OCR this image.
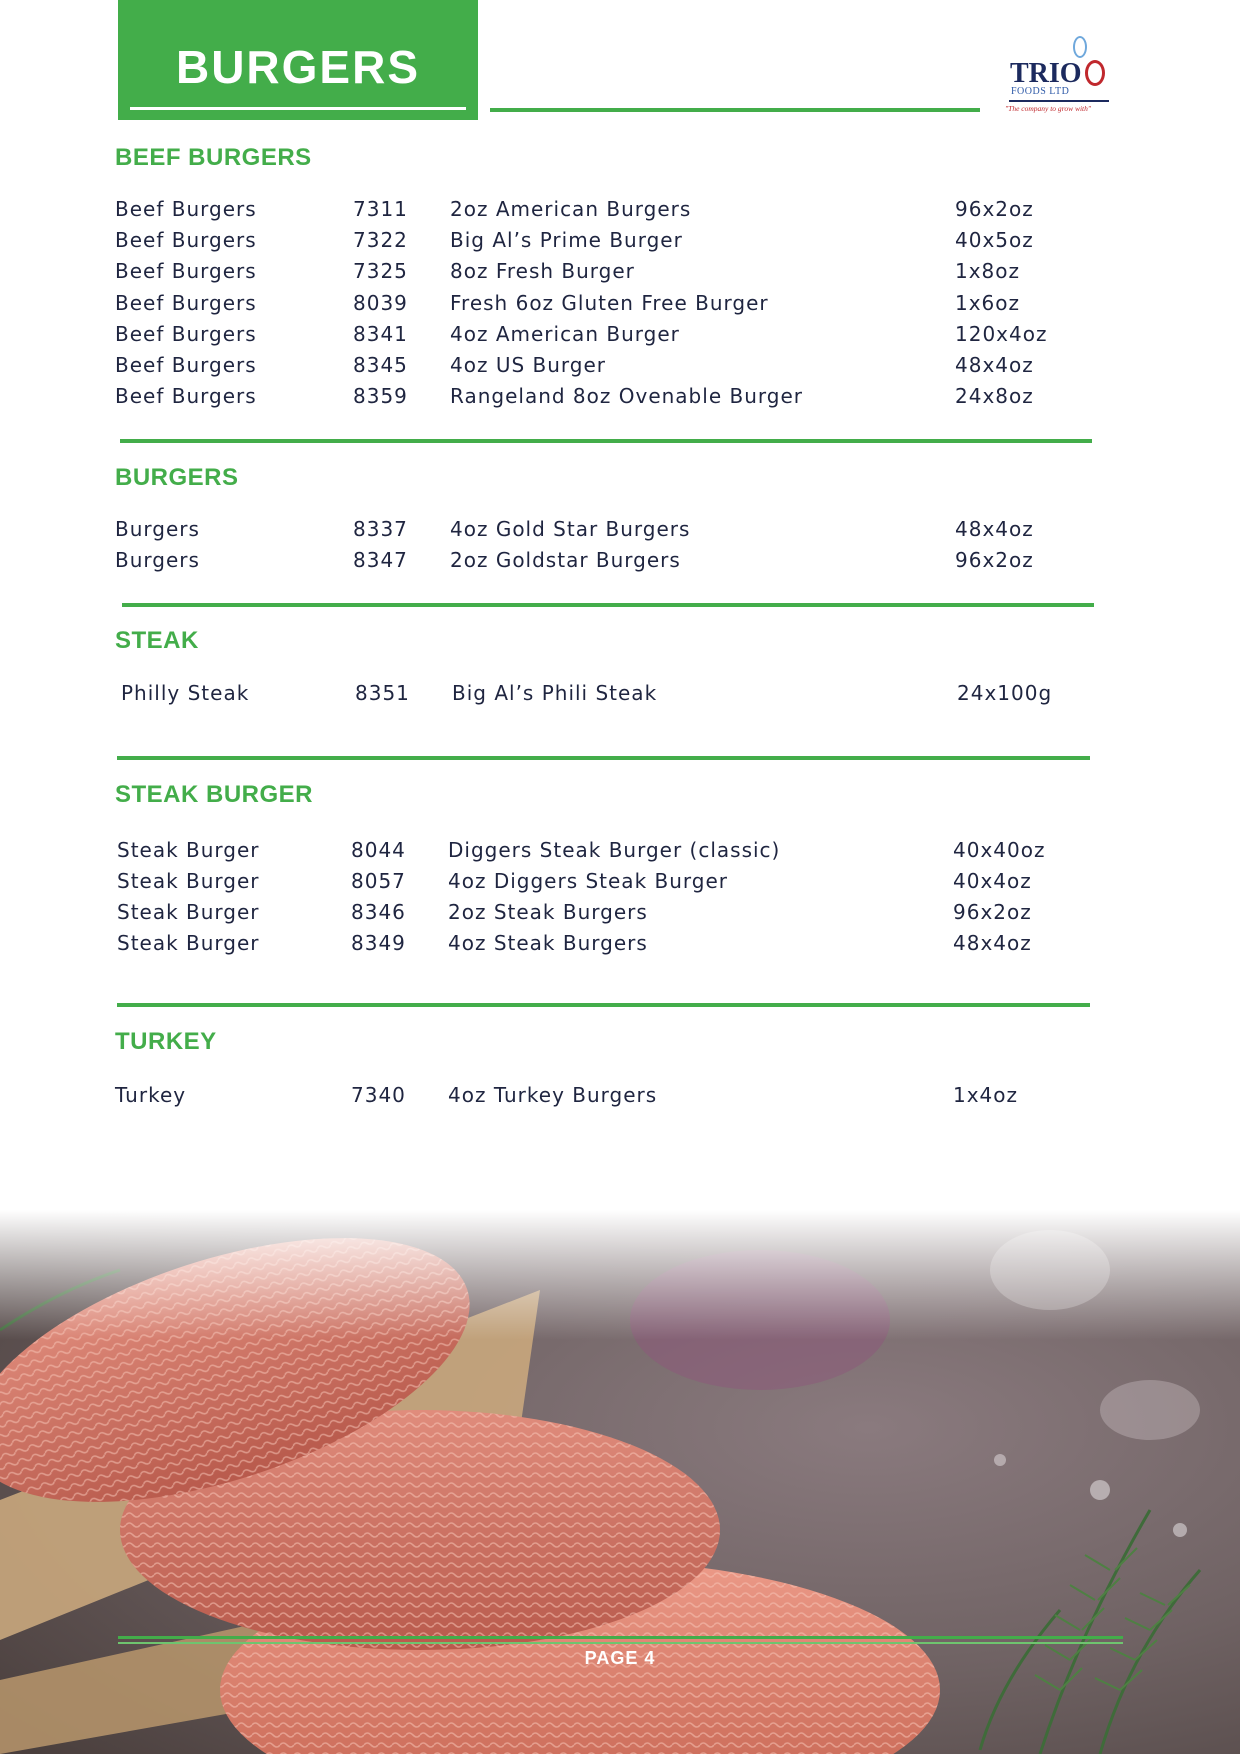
BURGERS	TRIO
FOODS LTD
"The company to grow with"
BEEF BURGERS
Beef Burgers	7311 2oz American Burgers	96x2oz
Beef Burgers	7322 Big Al’s Prime Burger	40x5oz
Beef Burgers	7325 8oz Fresh Burger	1x8oz
Beef Burgers	8039 Fresh 6oz Gluten Free Burger	1x6oz
Beef Burgers	8341 4oz American Burger	120x4oz
Beef Burgers	8345 4oz US Burger	48x4oz
Beef Burgers	8359 Rangeland 8oz Ovenable Burger	24x8oz
BURGERS
Burgers	8337 4oz Gold Star Burgers	48x4oz
Burgers	8347 2oz Goldstar Burgers	96x2oz
STEAK
Philly Steak	8351 Big Al’s Phili Steak	24x100g
STEAK BURGER
Steak Burger	8044 Diggers Steak Burger (classic)	40x40oz
Steak Burger	8057 4oz Diggers Steak Burger	40x4oz
Steak Burger	8346 2oz Steak Burgers	96x2oz
Steak Burger	8349 4oz Steak Burgers	48x4oz
TURKEY
Turkey	7340 4oz Turkey Burgers	1x4oz
PAGE 4
